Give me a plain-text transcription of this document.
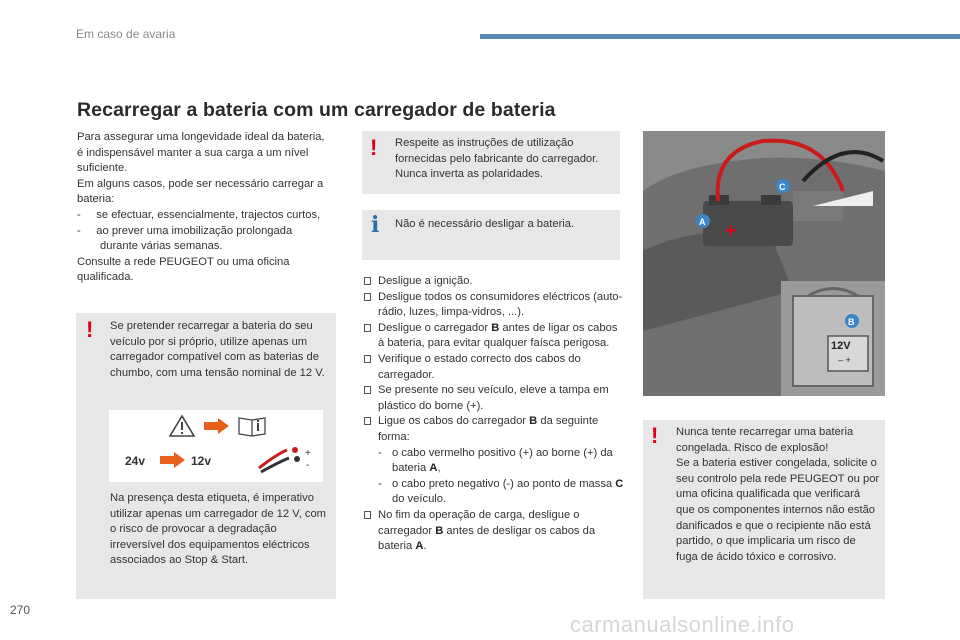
Em caso de avaria
Recarregar a bateria com um carregador de bateria

Para assegurar uma longevidade ideal da bateria, é indispensável manter a sua carga a um nível suficiente.

Em alguns casos, pode ser necessário carregar a bateria:

-     se efectuar, essencialmente, trajectos curtos,

-     ao prever uma imobilização prolongada durante várias semanas.

Consulte a rede PEUGEOT ou uma oficina qualificada.

! Se pretender recarregar a bateria do seu veículo por si próprio, utilize apenas um carregador compatível com as baterias de chumbo, com uma tensão nominal de 12 V.
+
-
24v	12v
Na presença desta etiqueta, é imperativo utilizar apenas um carregador de 12 V, com o risco de provocar a degradação irreversível dos equipamentos eléctricos associados ao Stop & Start.
! Respeite as instruções de utilização fornecidas pelo fabricante do carregador. Nunca inverta as polaridades.
i Não é necessário desligar a bateria.
Desligue a ignição.
Desligue todos os consumidores eléctricos (auto-rádio, luzes, limpa-vidros, ...).
Desligue o carregador B antes de ligar os cabos à bateria, para evitar qualquer faísca perigosa.
Verifique o estado correcto dos cabos do carregador.
Se presente no seu veículo, eleve a tampa em plástico do borne (+).
Ligue os cabos do carregador B da seguinte forma:
- o cabo vermelho positivo (+) ao borne (+) da bateria A,
- o cabo preto negativo (-) ao ponto de massa C do veículo.
No fim da operação de carga, desligue o carregador B antes de desligar os cabos da bateria A.
+
12V
– +
A
C
B
! Nunca tente recarregar uma bateria congelada. Risco de explosão!

Se a bateria estiver congelada, solicite o seu controlo pela rede PEUGEOT ou por uma oficina qualificada que verificará que os componentes internos não estão danificados e que o recipiente não está partido, o que implicaria um risco de fuga de ácido tóxico e corrosivo.

270
carmanualsonline.info
